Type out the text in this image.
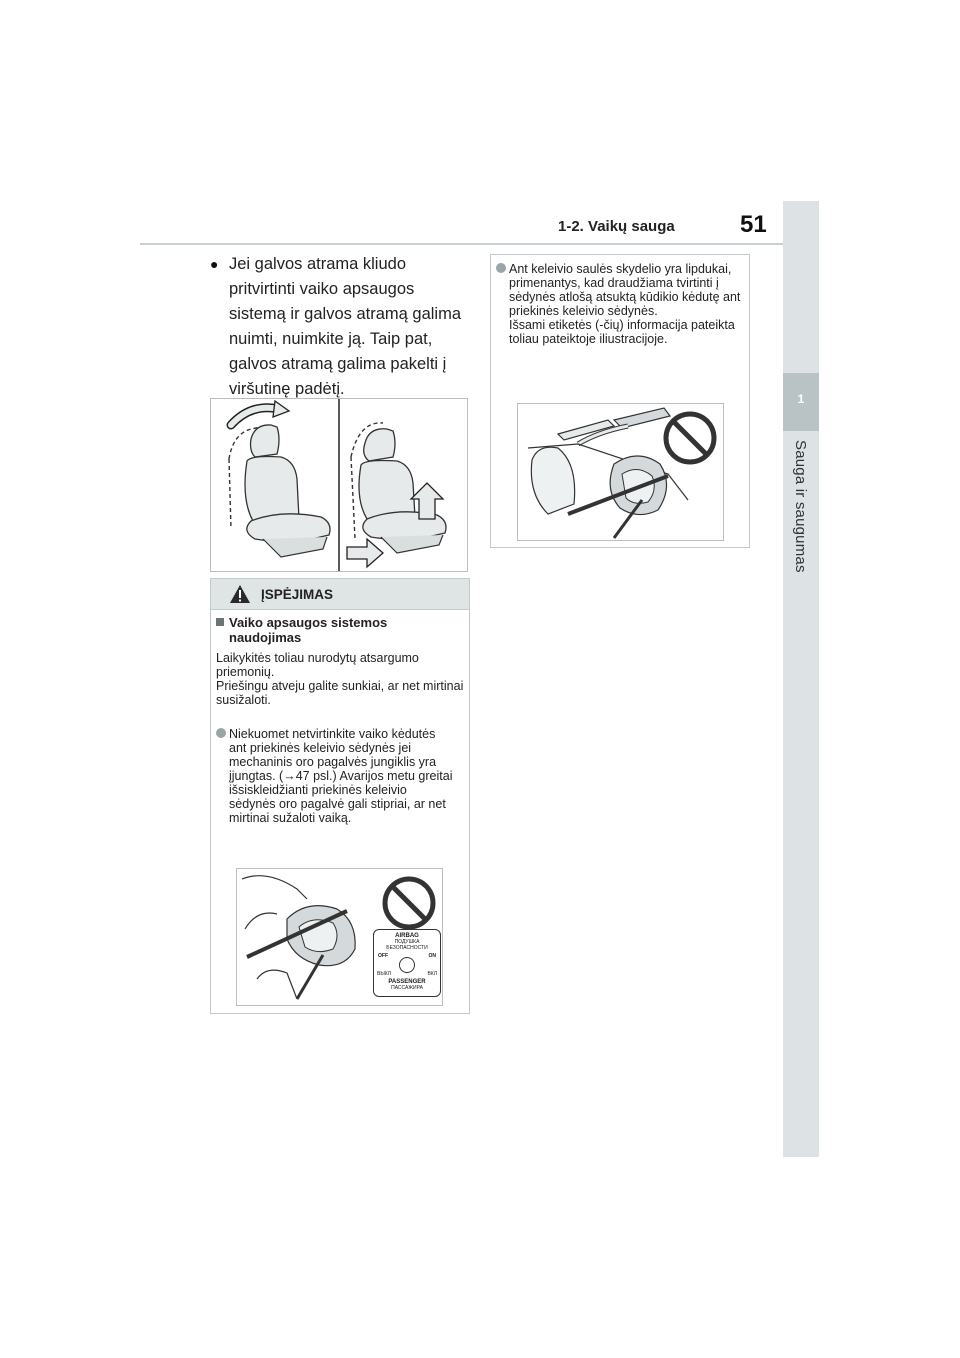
1-2. Vaikų sauga	51
1
Sauga ir saugumas
● Jei galvos atrama kliudo pritvirtinti vaiko apsaugos sistemą ir galvos atramą galima nuimti, nuimkite ją. Taip pat, galvos atramą galima pakelti į viršutinę padėtį.
ĮSPĖJIMAS
Vaiko apsaugos sistemos naudojimas
Laikykitės toliau nurodytų atsargumo priemonių.
Priešingu atveju galite sunkiai, ar net mirtinai susižaloti.
Niekuomet netvirtinkite vaiko kėdutės ant priekinės keleivio sėdynės jei mechaninis oro pagalvės jungiklis yra įjungtas. (→47 psl.) Avarijos metu greitai išsiskleidžianti priekinės keleivio sėdynės oro pagalvė gali stipriai, ar net mirtinai sužaloti vaiką.
AIRBAG
ПОДУШКА БЕЗОПАСНОСТИ
OFF	ON
ВЫКЛ	ВКЛ
PASSENGER
ПАССАЖИРА
Ant keleivio saulės skydelio yra lipdukai, primenantys, kad draudžiama tvirtinti į sėdynės atlošą atsuktą kūdikio kėdutę ant priekinės keleivio sėdynės.
Išsami etiketės (-čių) informacija pateikta toliau pateiktoje iliustracijoje.
